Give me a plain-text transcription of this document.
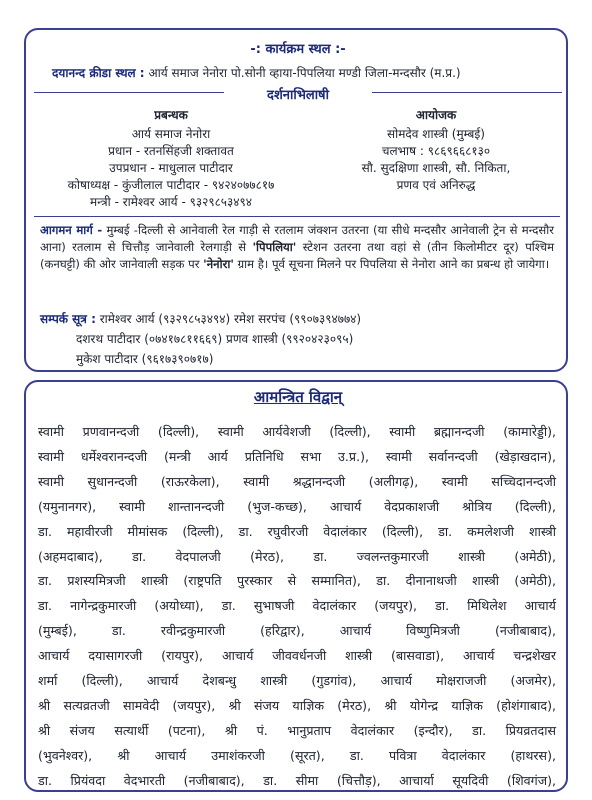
-: कार्यक्रम स्थल :-
दयानन्द क्रीडा स्थल : आर्य समाज नेनोरा पो.सोनी व्हाया-पिपलिया मण्डी जिला-मन्दसौर (म.प्र.)
दर्शनाभिलाषी
प्रबन्धक
आर्य समाज नेनोरा
प्रधान - रतनसिंहजी शक्तावत
उपप्रधान - माधुलाल पाटीदार
कोषाध्यक्ष - कुंजीलाल पाटीदार - ९४२४०७७८१७
मन्त्री - रामेश्वर आर्य - ९३२९८५३४९४
आयोजक
सोमदेव शास्त्री (मुम्बई)
चलभाष : ९८६९६६८१३०
सौ. सुदक्षिणा शास्त्री, सौ. निकिता,
प्रणव एवं अनिरुद्ध
आगमन मार्ग - मुम्बई -दिल्ली से आनेवाली रेल गाड़ी से रतलाम जंक्शन उतरना (या सीधे मन्दसौर आनेवाली ट्रेन से मन्दसौर आना) रतलाम से चित्तौड़ जानेवाली रेलगाड़ी से 'पिपलिया' स्टेशन उतरना तथा वहां से (तीन किलोमीटर दूर) पश्चिम (कनघट्टी) की ओर जानेवाली सड़क पर 'नेनोरा' ग्राम है। पूर्व सूचना मिलने पर पिपलिया से नेनोरा आने का प्रबन्ध हो जायेगा।
सम्पर्क सूत्र : रामेश्वर आर्य (९३२९८५३४९४) रमेश सरपंच (९९०७३९४७७४)
दशरथ पाटीदार (०७४१७८११६६९) प्रणव शास्त्री (९९२०४२३०९५)
मुकेश पाटीदार (९६१७३९०७१७)
आमन्त्रित विद्वान्
स्वामी प्रणवानन्दजी (दिल्ली), स्वामी आर्यवेशजी (दिल्ली), स्वामी ब्रह्मानन्दजी (कामारेड्डी),
स्वामी धर्मेश्वरानन्दजी (मन्त्री आर्य प्रतिनिधि सभा उ.प्र.), स्वामी सर्वानन्दजी (खेड़ाखदान),
स्वामी सुधानन्दजी (राऊरकेला), स्वामी श्रद्धानन्दजी (अलीगढ़), स्वामी सच्चिदानन्दजी
(यमुनानगर), स्वामी शान्तानन्दजी (भुज-कच्छ), आचार्य वेदप्रकाशजी श्रोत्रिय (दिल्ली),
डा. महावीरजी मीमांसक (दिल्ली), डा. रघुवीरजी वेदालंकार (दिल्ली), डा. कमलेशजी शास्त्री
(अहमदाबाद), डा. वेदपालजी (मेरठ), डा. ज्वलन्तकुमारजी शास्त्री (अमेठी),
डा. प्रशस्यमित्रजी शास्त्री (राष्ट्रपति पुरस्कार से सम्मानित), डा. दीनानाथजी शास्त्री (अमेठी),
डा. नागेन्द्रकुमारजी (अयोध्या), डा. सुभाषजी वेदालंकार (जयपुर), डा. मिथिलेश आचार्य
(मुम्बई), डा. रवीन्द्रकुमारजी (हरिद्वार), आचार्य विष्णुमित्रजी (नजीबाबाद),
आचार्य दयासागरजी (रायपुर), आचार्य जीववर्धनजी शास्त्री (बासवाडा), आचार्य चन्द्रशेखर
शर्मा (दिल्ली), आचार्य देशबन्धु शास्त्री (गुडगांव), आचार्य मोक्षराजजी (अजमेर),
श्री सत्यव्रतजी सामवेदी (जयपुर), श्री संजय याज्ञिक (मेरठ), श्री योगेन्द्र याज्ञिक (होशंगाबाद),
श्री संजय सत्यार्थी (पटना), श्री पं. भानुप्रताप वेदालंकार (इन्दौर), डा. प्रियव्रतदास
(भुवनेश्वर), श्री आचार्य उमाशंकरजी (सूरत), डा. पवित्रा वेदालंकार (हाथरस),
डा. प्रियंवदा वेदभारती (नजीबाबाद), डा. सीमा (चित्तौड़), आचार्या सूयदिवी (शिवगंज),
